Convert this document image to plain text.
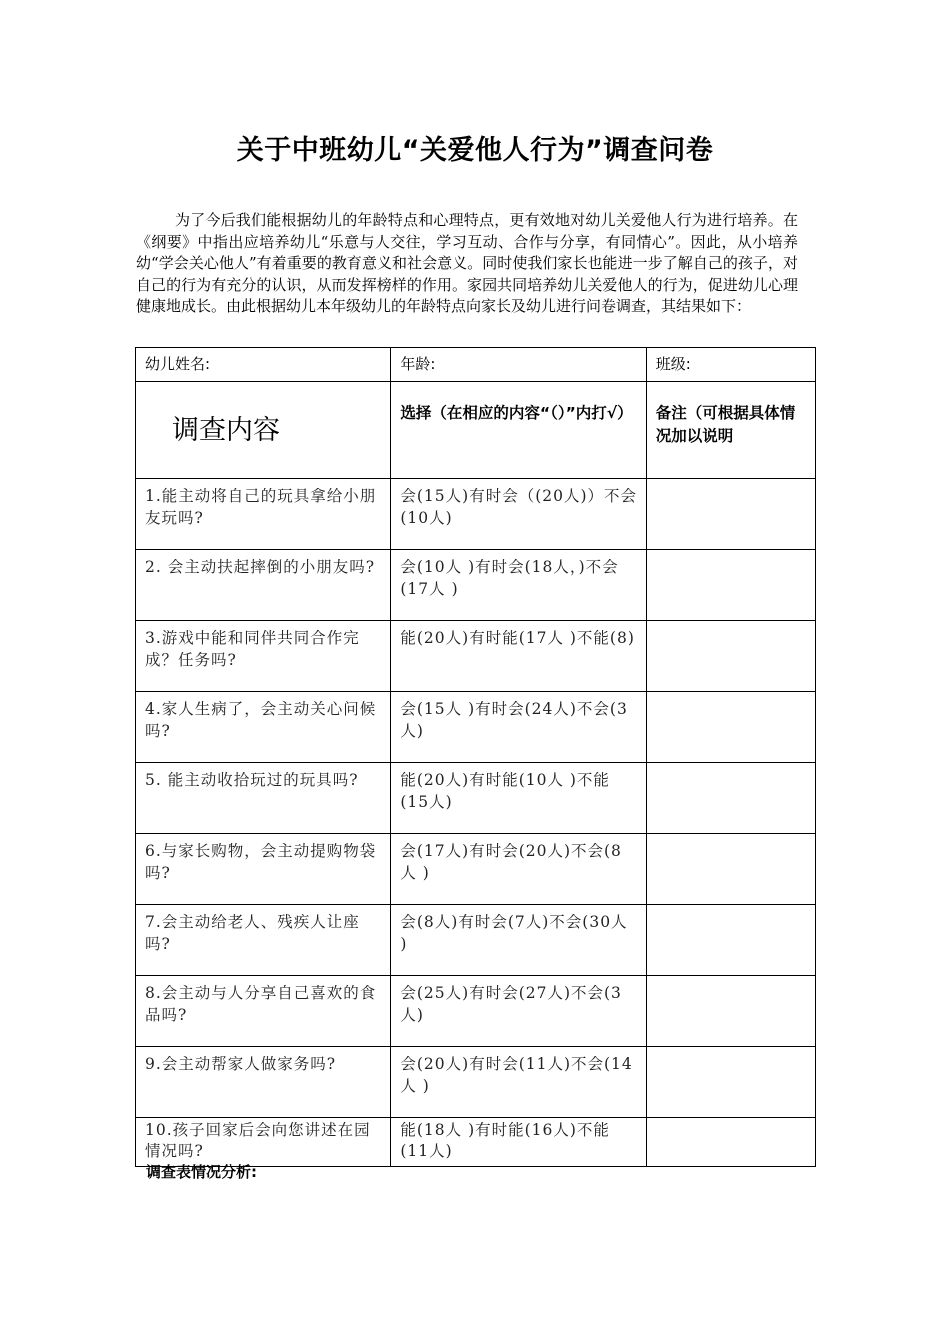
关于中班幼儿“关爱他人行为”调查问卷
为了今后我们能根据幼儿的年龄特点和心理特点，更有效地对幼儿关爱他人行为进行培养。在《纲要》中指出应培养幼儿“乐意与人交往，学习互动、合作与分享，有同情心”。因此，从小培养幼“学会关心他人”有着重要的教育意义和社会意义。同时使我们家长也能进一步了解自己的孩子，对自己的行为有充分的认识，从而发挥榜样的作用。家园共同培养幼儿关爱他人的行为，促进幼儿心理健康地成长。由此根据幼儿本年级幼儿的年龄特点向家长及幼儿进行问卷调查，其结果如下：
幼儿姓名:	年龄:	班级:
调查内容	选择（在相应的内容“（）”内打√）	备注（可根据具体情况加以说明
1.能主动将自己的玩具拿给小朋友玩吗?	会(15人)有时会（(20人)）不会(10人)	
2. 会主动扶起摔倒的小朋友吗?	会(10人 )有时会(18人，)不会(17人 )	
3.游戏中能和同伴共同合作完成？任务吗?	能(20人)有时能(17人 )不能(8)	
4.家人生病了，会主动关心问候吗?	会(15人 )有时会(24人)不会(3人)	
5. 能主动收拾玩过的玩具吗?	能(20人)有时能(10人 )不能(15人)	
6.与家长购物，会主动提购物袋吗?	会(17人)有时会(20人)不会(8人 )	
7.会主动给老人、残疾人让座吗?	会(8人)有时会(7人)不会(30人 )	
8.会主动与人分享自己喜欢的食品吗?	会(25人)有时会(27人)不会(3人)	
9.会主动帮家人做家务吗?	会(20人)有时会(11人)不会(14人 )	
10.孩子回家后会向您讲述在园情况吗?	能(18人 )有时能(16人)不能(11人)	
调查表情况分析:
